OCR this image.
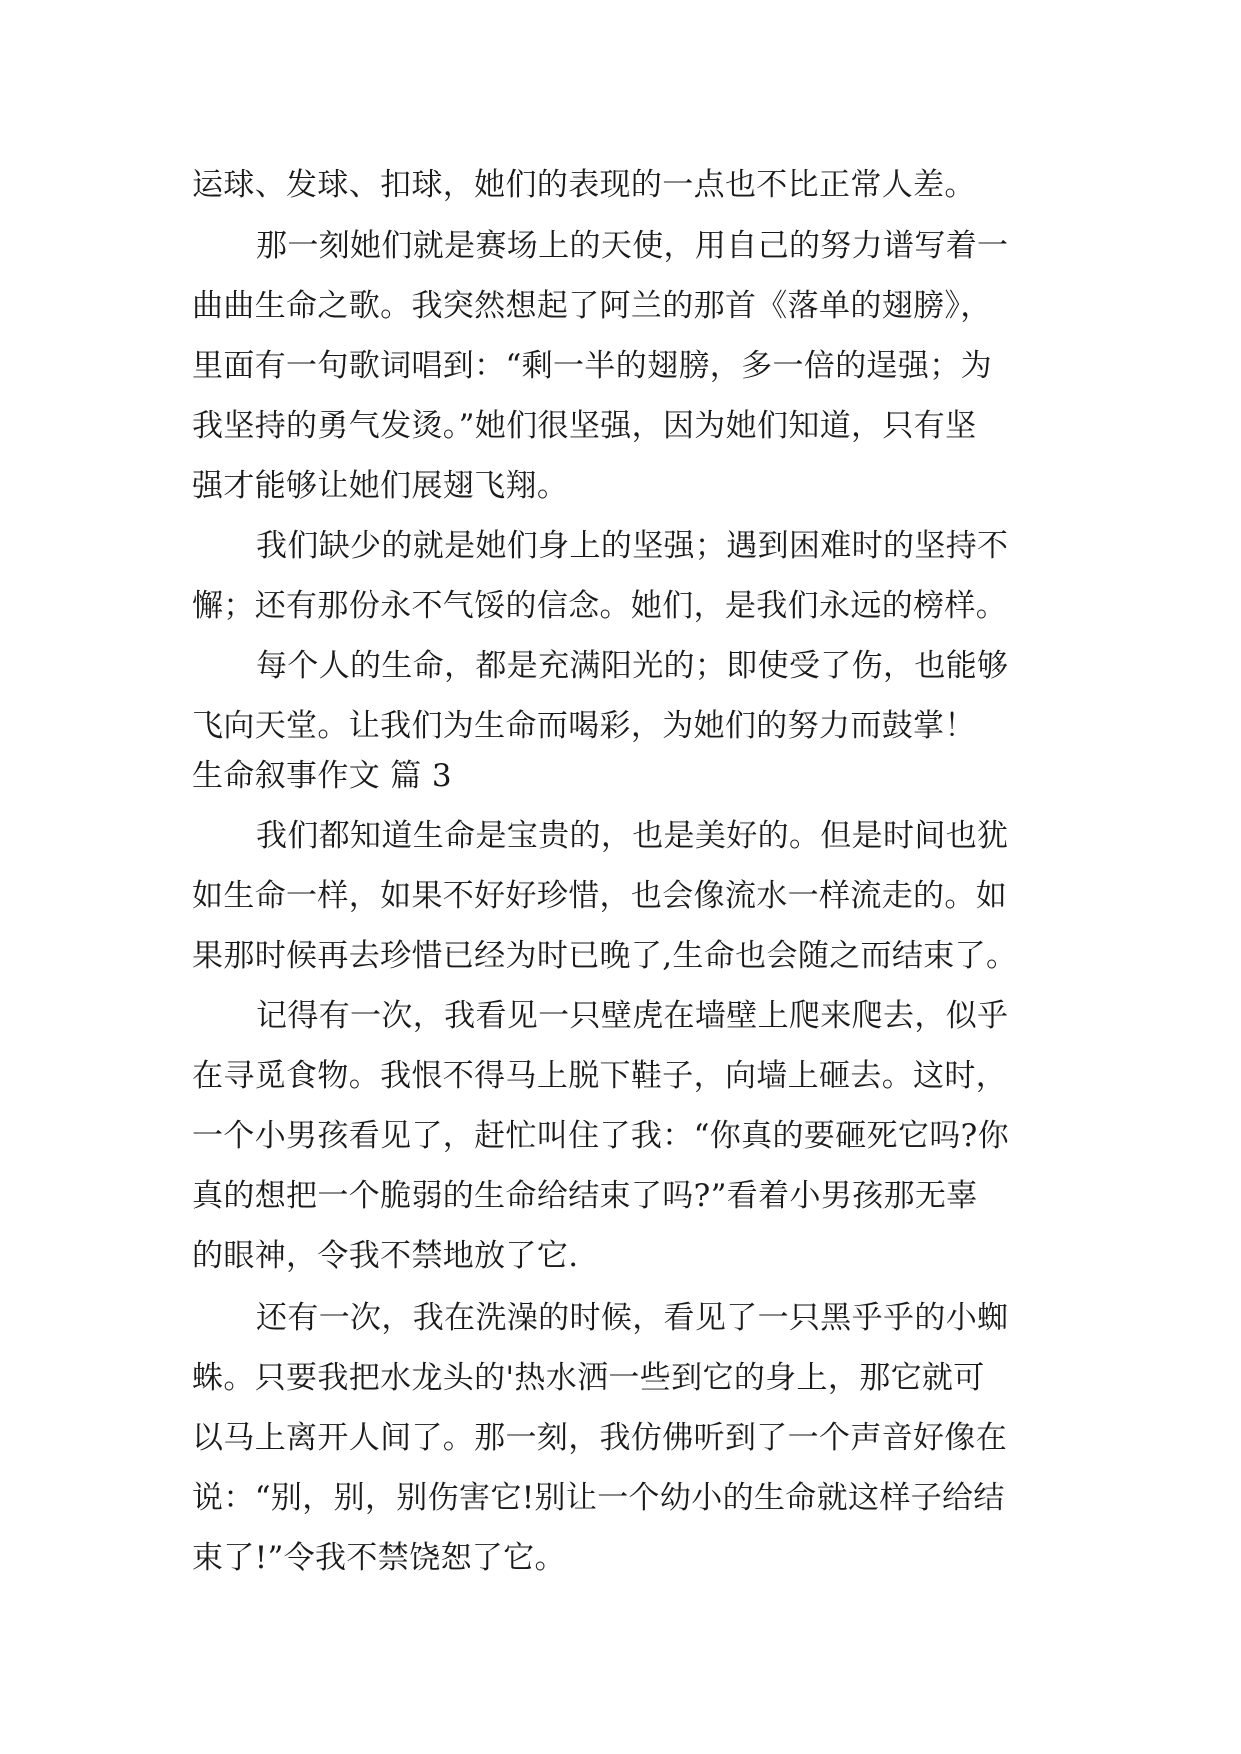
运球、发球、扣球，她们的表现的一点也不比正常人差。
那一刻她们就是赛场上的天使，用自己的努力谱写着一
曲曲生命之歌。我突然想起了阿兰的那首《落单的翅膀》，
里面有一句歌词唱到：“剩一半的翅膀，多一倍的逞强；为
我坚持的勇气发烫。”她们很坚强，因为她们知道，只有坚
强才能够让她们展翅飞翔。
我们缺少的就是她们身上的坚强；遇到困难时的坚持不
懈；还有那份永不气馁的信念。她们，是我们永远的榜样。
每个人的生命，都是充满阳光的；即使受了伤，也能够
飞向天堂。让我们为生命而喝彩，为她们的努力而鼓掌！
生命叙事作文 篇 3
我们都知道生命是宝贵的，也是美好的。但是时间也犹
如生命一样，如果不好好珍惜，也会像流水一样流走的。如
果那时候再去珍惜已经为时已晚了,生命也会随之而结束了。
记得有一次，我看见一只壁虎在墙壁上爬来爬去，似乎
在寻觅食物。我恨不得马上脱下鞋子，向墙上砸去。这时，
一个小男孩看见了，赶忙叫住了我：“你真的要砸死它吗?你
真的想把一个脆弱的生命给结束了吗?”看着小男孩那无辜
的眼神，令我不禁地放了它.
还有一次，我在洗澡的时候，看见了一只黑乎乎的小蜘
蛛。只要我把水龙头的'热水洒一些到它的身上，那它就可
以马上离开人间了。那一刻，我仿佛听到了一个声音好像在
说：“别，别，别伤害它!别让一个幼小的生命就这样子给结
束了!”令我不禁饶恕了它。
